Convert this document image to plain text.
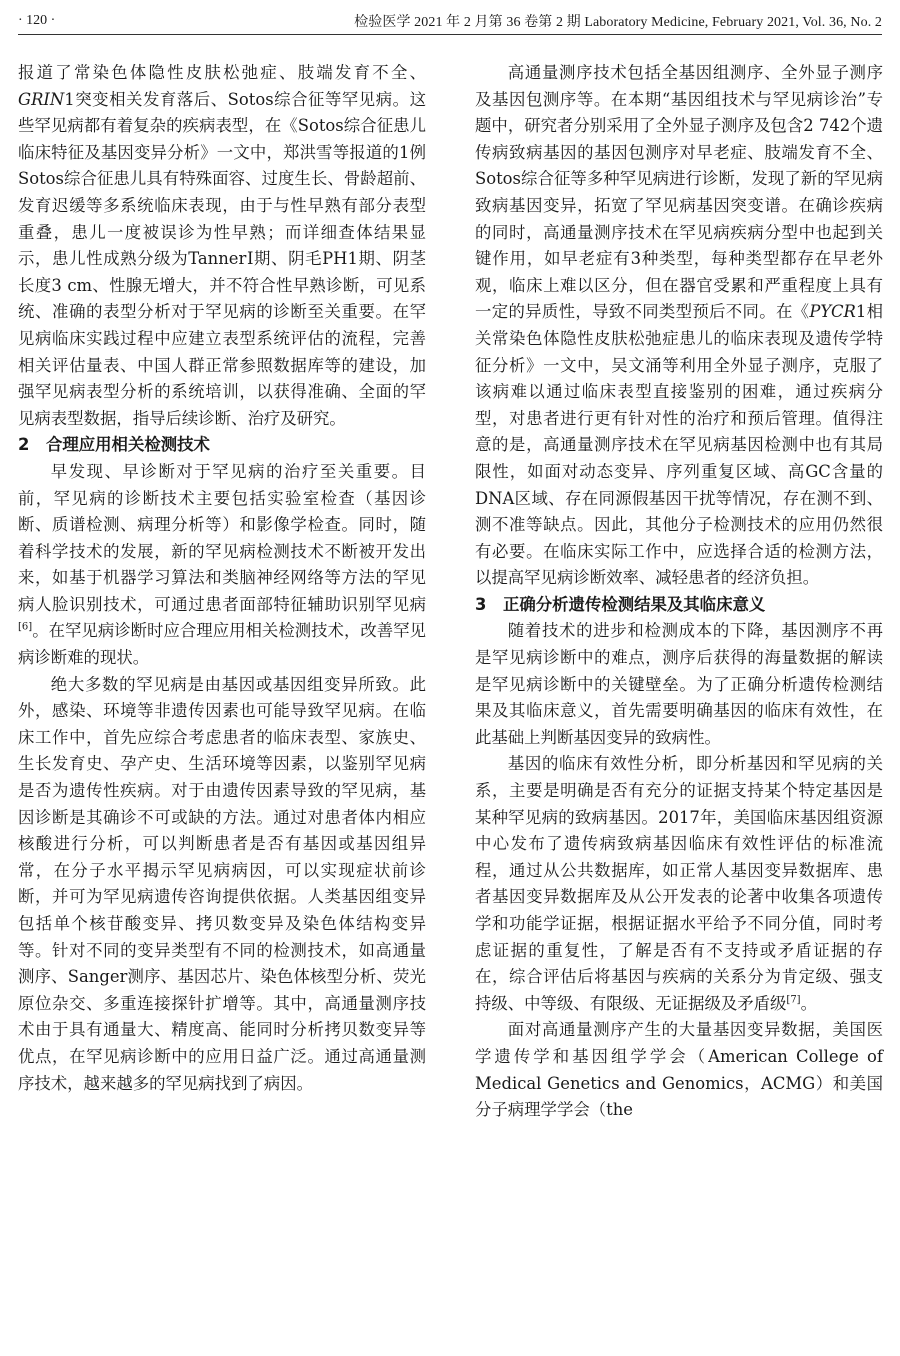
· 120 ·	检验医学 2021 年 2 月第 36 卷第 2 期 Laboratory Medicine, February 2021, Vol. 36, No. 2

报道了常染色体隐性皮肤松弛症、肢端发育不全、GRIN1突变相关发育落后、Sotos综合征等罕见病。这些罕见病都有着复杂的疾病表型，在《Sotos综合征患儿临床特征及基因变异分析》一文中，郑洪雪等报道的1例Sotos综合征患儿具有特殊面容、过度生长、骨龄超前、发育迟缓等多系统临床表现，由于与性早熟有部分表型重叠，患儿一度被误诊为性早熟；而详细查体结果显示，患儿性成熟分级为TannerⅠ期、阴毛PH1期、阴茎长度3 cm、性腺无增大，并不符合性早熟诊断，可见系统、准确的表型分析对于罕见病的诊断至关重要。在罕见病临床实践过程中应建立表型系统评估的流程，完善相关评估量表、中国人群正常参照数据库等的建设，加强罕见病表型分析的系统培训，以获得准确、全面的罕见病表型数据，指导后续诊断、治疗及研究。

2 合理应用相关检测技术

早发现、早诊断对于罕见病的治疗至关重要。目前，罕见病的诊断技术主要包括实验室检查（基因诊断、质谱检测、病理分析等）和影像学检查。同时，随着科学技术的发展，新的罕见病检测技术不断被开发出来，如基于机器学习算法和类脑神经网络等方法的罕见病人脸识别技术，可通过患者面部特征辅助识别罕见病[6]。在罕见病诊断时应合理应用相关检测技术，改善罕见病诊断难的现状。

绝大多数的罕见病是由基因或基因组变异所致。此外，感染、环境等非遗传因素也可能导致罕见病。在临床工作中，首先应综合考虑患者的临床表型、家族史、生长发育史、孕产史、生活环境等因素，以鉴别罕见病是否为遗传性疾病。对于由遗传因素导致的罕见病，基因诊断是其确诊不可或缺的方法。通过对患者体内相应核酸进行分析，可以判断患者是否有基因或基因组异常，在分子水平揭示罕见病病因，可以实现症状前诊断，并可为罕见病遗传咨询提供依据。人类基因组变异包括单个核苷酸变异、拷贝数变异及染色体结构变异等。针对不同的变异类型有不同的检测技术，如高通量测序、Sanger测序、基因芯片、染色体核型分析、荧光原位杂交、多重连接探针扩增等。其中，高通量测序技术由于具有通量大、精度高、能同时分析拷贝数变异等优点，在罕见病诊断中的应用日益广泛。通过高通量测序技术，越来越多的罕见病找到了病因。

高通量测序技术包括全基因组测序、全外显子测序及基因包测序等。在本期“基因组技术与罕见病诊治”专题中，研究者分别采用了全外显子测序及包含2 742个遗传病致病基因的基因包测序对早老症、肢端发育不全、Sotos综合征等多种罕见病进行诊断，发现了新的罕见病致病基因变异，拓宽了罕见病基因突变谱。在确诊疾病的同时，高通量测序技术在罕见病疾病分型中也起到关键作用，如早老症有3种类型，每种类型都存在早老外观，临床上难以区分，但在器官受累和严重程度上具有一定的异质性，导致不同类型预后不同。在《PYCR1相关常染色体隐性皮肤松弛症患儿的临床表现及遗传学特征分析》一文中，吴文涌等利用全外显子测序，克服了该病难以通过临床表型直接鉴别的困难，通过疾病分型，对患者进行更有针对性的治疗和预后管理。值得注意的是，高通量测序技术在罕见病基因检测中也有其局限性，如面对动态变异、序列重复区域、高GC含量的DNA区域、存在同源假基因干扰等情况，存在测不到、测不准等缺点。因此，其他分子检测技术的应用仍然很有必要。在临床实际工作中，应选择合适的检测方法，以提高罕见病诊断效率、减轻患者的经济负担。

3 正确分析遗传检测结果及其临床意义

随着技术的进步和检测成本的下降，基因测序不再是罕见病诊断中的难点，测序后获得的海量数据的解读是罕见病诊断中的关键壁垒。为了正确分析遗传检测结果及其临床意义，首先需要明确基因的临床有效性，在此基础上判断基因变异的致病性。

基因的临床有效性分析，即分析基因和罕见病的关系，主要是明确是否有充分的证据支持某个特定基因是某种罕见病的致病基因。2017年，美国临床基因组资源中心发布了遗传病致病基因临床有效性评估的标准流程，通过从公共数据库，如正常人基因变异数据库、患者基因变异数据库及从公开发表的论著中收集各项遗传学和功能学证据，根据证据水平给予不同分值，同时考虑证据的重复性，了解是否有不支持或矛盾证据的存在，综合评估后将基因与疾病的关系分为肯定级、强支持级、中等级、有限级、无证据级及矛盾级[7]。

面对高通量测序产生的大量基因变异数据，美国医学遗传学和基因组学学会（American College of Medical Genetics and Genomics，ACMG）和美国分子病理学学会（the
